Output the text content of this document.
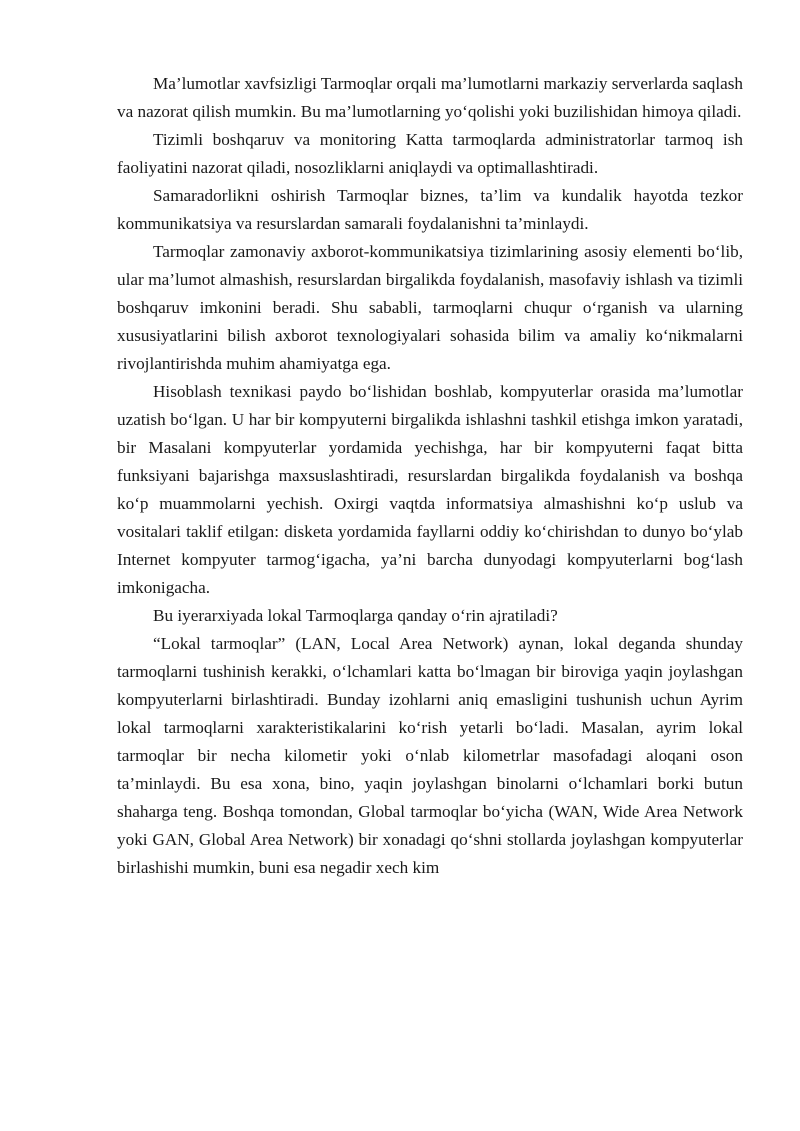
Ma’lumotlar xavfsizligi Tarmoqlar orqali ma’lumotlarni markaziy serverlarda saqlash va nazorat qilish mumkin. Bu ma’lumotlarning yo‘qolishi yoki buzilishidan himoya qiladi.

Tizimli boshqaruv va monitoring Katta tarmoqlarda administratorlar tarmoq ish faoliyatini nazorat qiladi, nosozliklarni aniqlaydi va optimallashtiradi.

Samaradorlikni oshirish Tarmoqlar biznes, ta’lim va kundalik hayotda tezkor kommunikatsiya va resurslardan samarali foydalanishni ta’minlaydi.

Tarmoqlar zamonaviy axborot-kommunikatsiya tizimlarining asosiy elementi bo‘lib, ular ma’lumot almashish, resurslardan birgalikda foydalanish, masofaviy ishlash va tizimli boshqaruv imkonini beradi. Shu sababli, tarmoqlarni chuqur o‘rganish va ularning xususiyatlarini bilish axborot texnologiyalari sohasida bilim va amaliy ko‘nikmalarni rivojlantirishda muhim ahamiyatga ega.

Hisoblash texnikasi paydo bo‘lishidan boshlab, kompyuterlar orasida ma’lumotlar uzatish bo‘lgan. U har bir kompyuterni birgalikda ishlashni tashkil etishga imkon yaratadi, bir Masalani kompyuterlar yordamida yechishga, har bir kompyuterni faqat bitta funksiyani bajarishga maxsuslashtiradi, resurslardan birgalikda foydalanish va boshqa ko‘p muammolarni yechish. Oxirgi vaqtda informatsiya almashishni ko‘p uslub va vositalari taklif etilgan: disketa yordamida fayllarni oddiy ko‘chirishdan to dunyo bo‘ylab Internet kompyuter tarmog‘igacha, ya’ni barcha dunyodagi kompyuterlarni bog‘lash imkonigacha.

Bu iyerarxiyada lokal Tarmoqlarga qanday o‘rin ajratiladi?

“Lokal tarmoqlar” (LAN, Local Area Network) aynan, lokal deganda shunday tarmoqlarni tushinish kerakki, o‘lchamlari katta bo‘lmagan bir biroviga yaqin joylashgan kompyuterlarni birlashtiradi. Bunday izohlarni aniq emasligini tushunish uchun Ayrim lokal tarmoqlarni xarakteristikalarini ko‘rish yetarli bo‘ladi. Masalan, ayrim lokal tarmoqlar bir necha kilometir yoki o‘nlab kilometrlar masofadagi aloqani oson ta’minlaydi. Bu esa xona, bino, yaqin joylashgan binolarni o‘lchamlari borki butun shaharga teng. Boshqa tomondan, Global tarmoqlar bo‘yicha (WAN, Wide Area Network yoki GAN, Global Area Network) bir xonadagi qo‘shni stollarda joylashgan kompyuterlar birlashishi mumkin, buni esa negadir xech kim
